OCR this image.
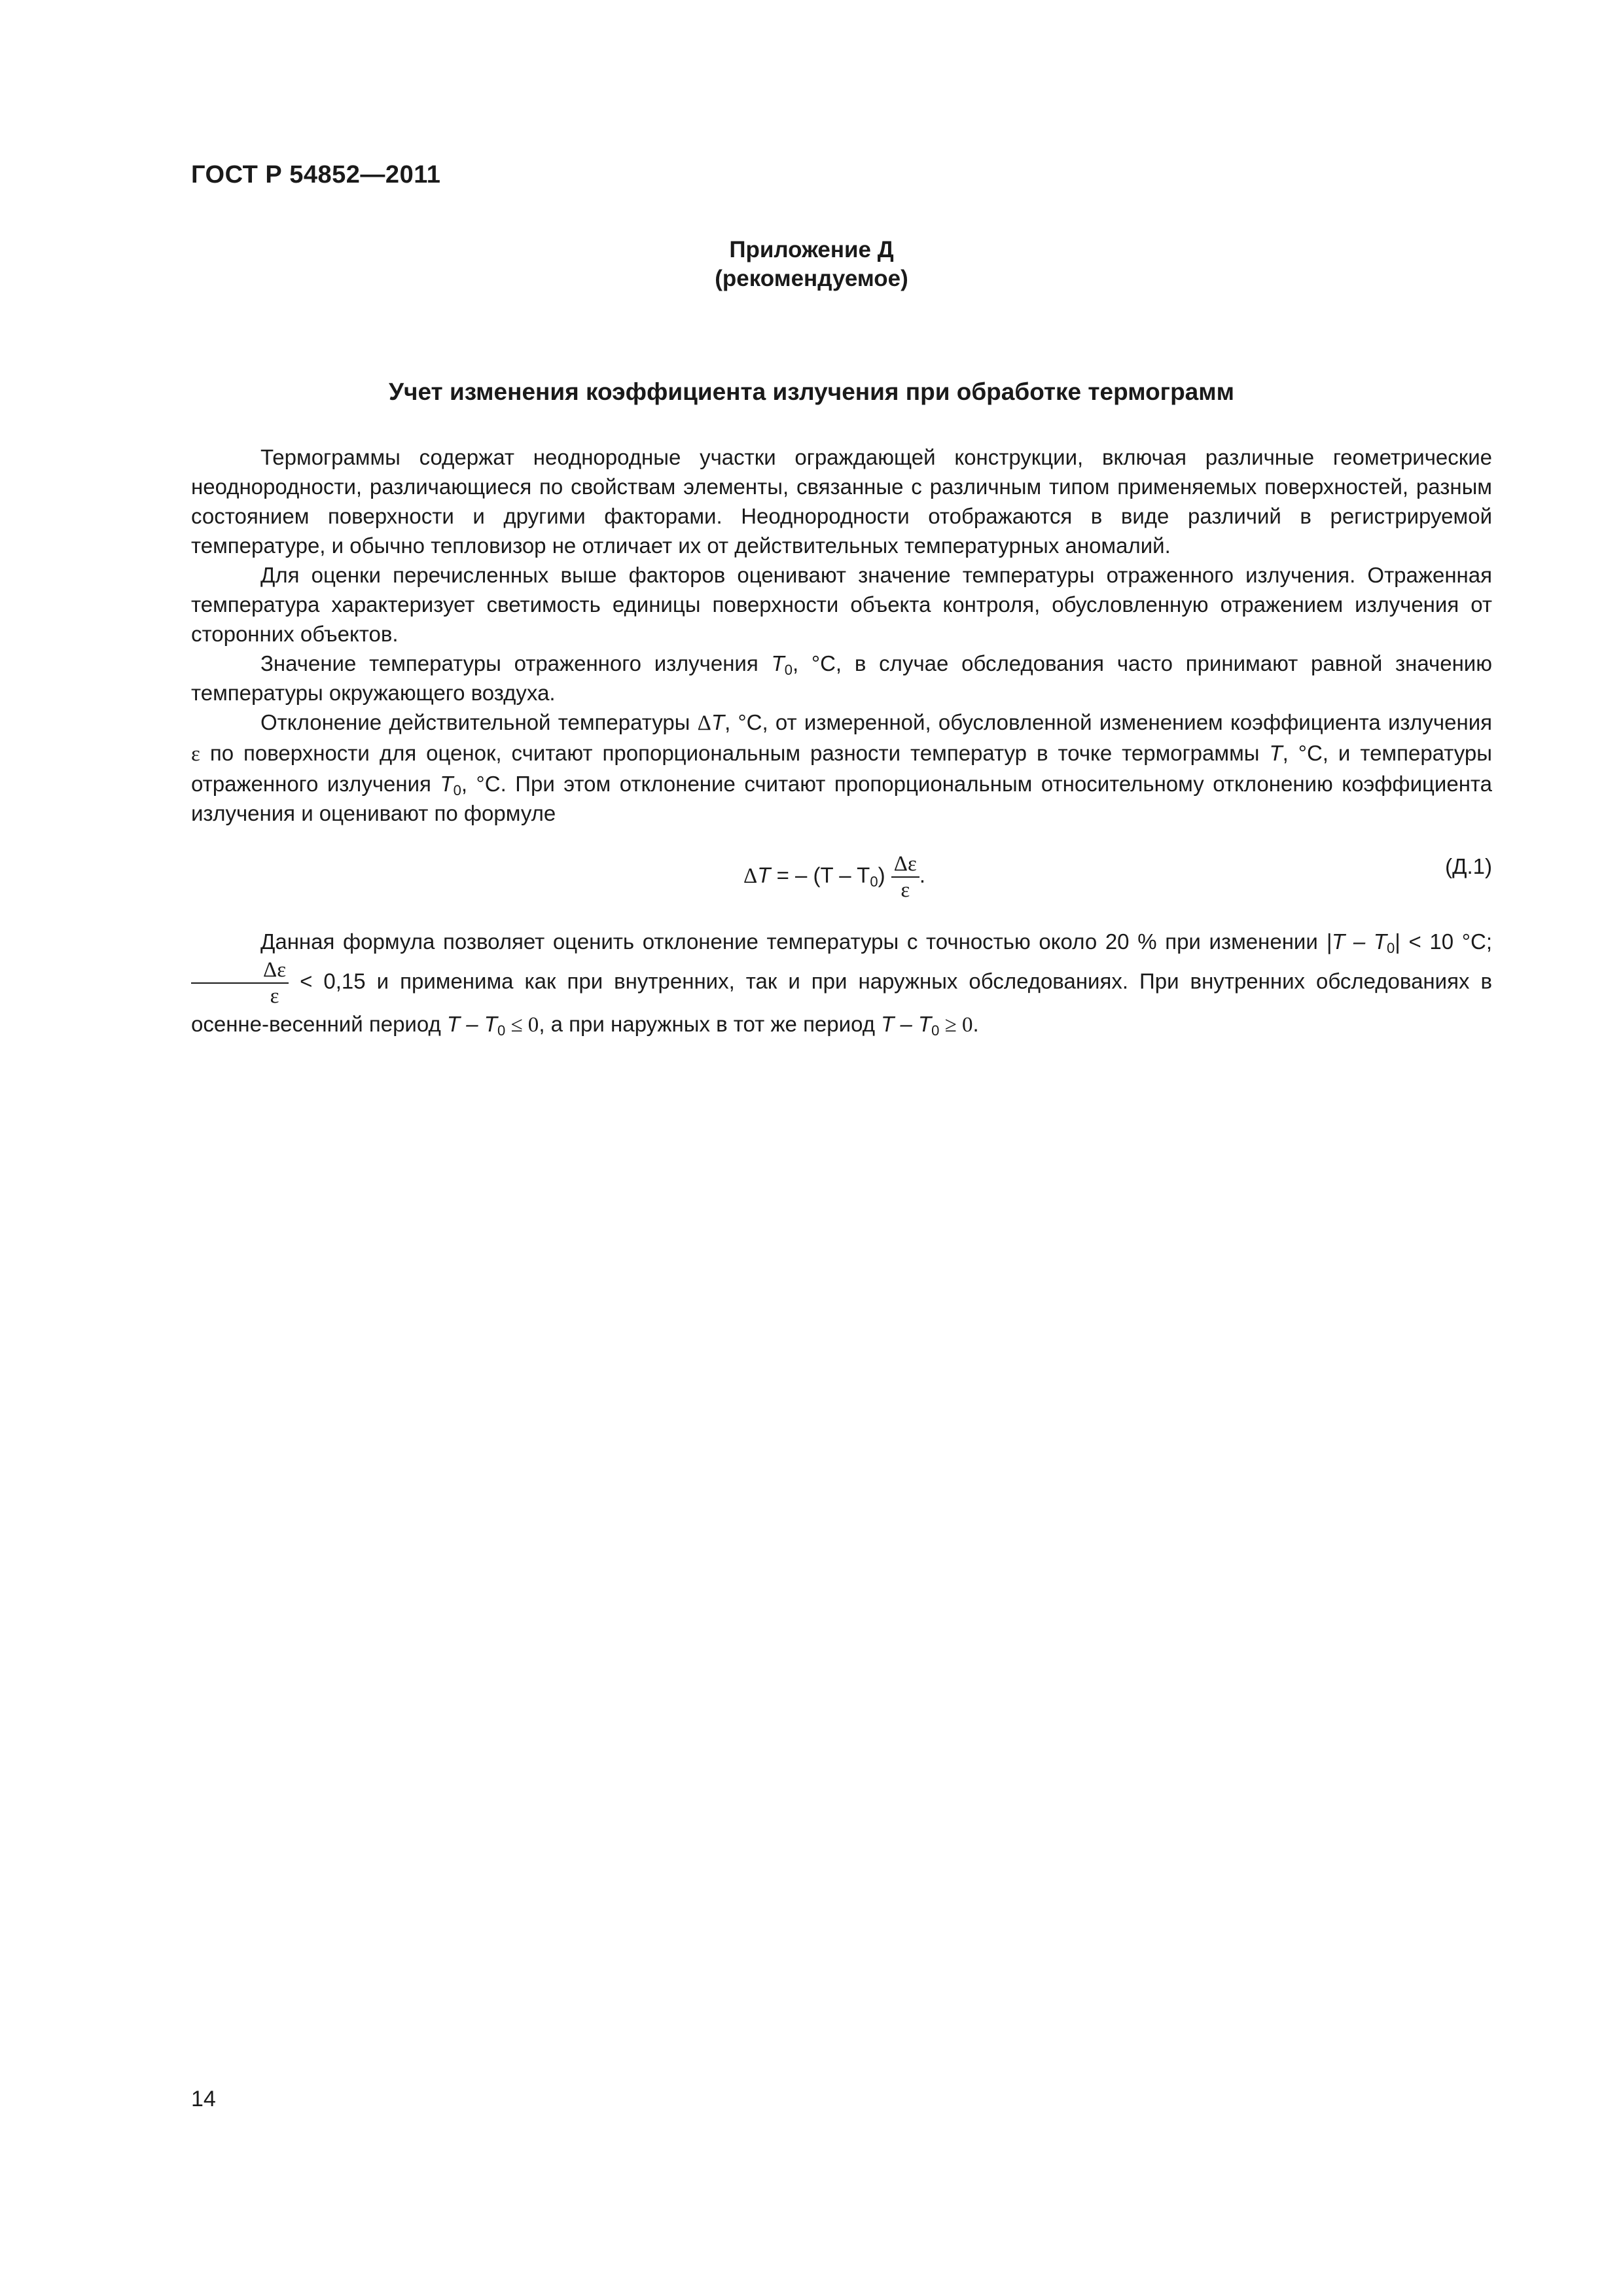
ГОСТ Р 54852—2011
Приложение Д
(рекомендуемое)
Учет изменения коэффициента излучения при обработке термограмм

Термограммы содержат неоднородные участки ограждающей конструкции, включая различные геометрические неоднородности, различающиеся по свойствам элементы, связанные с различным типом применяемых поверхностей, разным состоянием поверхности и другими факторами. Неоднородности отображаются в виде различий в регистрируемой температуре, и обычно тепловизор не отличает их от действительных температурных аномалий.

Для оценки перечисленных выше факторов оценивают значение температуры отраженного излучения. Отраженная температура характеризует светимость единицы поверхности объекта контроля, обусловленную отражением излучения от сторонних объектов.

Значение температуры отраженного излучения $T_0$, °С, в случае обследования часто принимают равной значению температуры окружающего воздуха.

Отклонение действительной температуры ΔT, °С, от измеренной, обусловленной изменением коэффициента излучения ε по поверхности для оценок, считают пропорциональным разности температур в точке термограммы T, °С, и температуры отраженного излучения $T_0$, °С. При этом отклонение считают пропорциональным относительному отклонению коэффициента излучения и оценивают по формуле

ΔT = – $(T - T_0) \frac{\Delta\varepsilon}{\varepsilon}$ .	(Д.1)

Данная формула позволяет оценить отклонение температуры с точностью около 20 % при изменении $|T - T_0| < 10$ °С;
$\frac{\Delta\varepsilon}{\varepsilon} < 0,15$ и применима как при внутренних, так и при наружных обследованиях. При внутренних обследованиях в осенне-весенний период $T - T_0 \le 0$, а при наружных в тот же период $T - T_0 \ge 0$.

14
